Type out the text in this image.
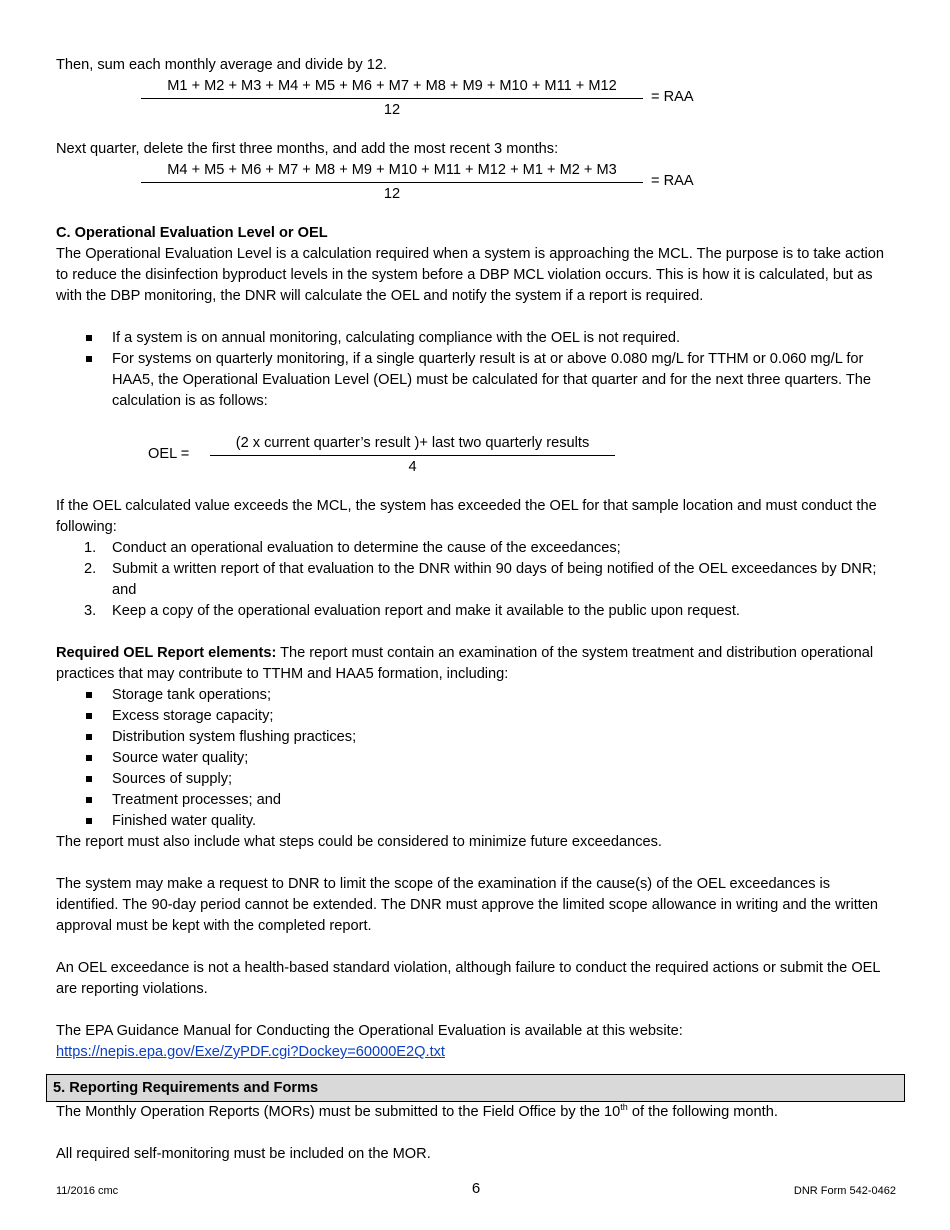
Then, sum each monthly average and divide by 12.

$\frac{M1 + M2 + M3 + M4 + M5 + M6 + M7 + M8 + M9 + M10 + M11 + M12}{12}$ = RAA

Next quarter, delete the first three months, and add the most recent 3 months:

$\frac{M4 + M5 + M6 + M7 + M8 + M9 + M10 + M11 + M12 + M1 + M2 + M3}{12}$ = RAA

C. Operational Evaluation Level or OEL

The Operational Evaluation Level is a calculation required when a system is approaching the MCL. The purpose is to take action to reduce the disinfection byproduct levels in the system before a DBP MCL violation occurs. This is how it is calculated, but as with the DBP monitoring, the DNR will calculate the OEL and notify the system if a report is required.

If a system is on annual monitoring, calculating compliance with the OEL is not required.
For systems on quarterly monitoring, if a single quarterly result is at or above 0.080 mg/L for TTHM or 0.060 mg/L for HAA5, the Operational Evaluation Level (OEL) must be calculated for that quarter and for the next three quarters. The calculation is as follows:
OEL =
(2 x current quarter’s result )+ last two quarterly results
4

If the OEL calculated value exceeds the MCL, the system has exceeded the OEL for that sample location and must conduct the following:

1. Conduct an operational evaluation to determine the cause of the exceedances;
2. Submit a written report of that evaluation to the DNR within 90 days of being notified of the OEL exceedances by DNR; and
3. Keep a copy of the operational evaluation report and make it available to the public upon request.

Required OEL Report elements: The report must contain an examination of the system treatment and distribution operational practices that may contribute to TTHM and HAA5 formation, including:

Storage tank operations;
Excess storage capacity;
Distribution system flushing practices;
Source water quality;
Sources of supply;
Treatment processes; and
Finished water quality.

The report must also include what steps could be considered to minimize future exceedances.

The system may make a request to DNR to limit the scope of the examination if the cause(s) of the OEL exceedances is identified. The 90-day period cannot be extended. The DNR must approve the limited scope allowance in writing and the written approval must be kept with the completed report.

An OEL exceedance is not a health-based standard violation, although failure to conduct the required actions or submit the OEL are reporting violations.

The EPA Guidance Manual for Conducting the Operational Evaluation is available at this website:

https://nepis.epa.gov/Exe/ZyPDF.cgi?Dockey=60000E2Q.txt

5. Reporting Requirements and Forms

The Monthly Operation Reports (MORs) must be submitted to the Field Office by the 10th of the following month.

All required self-monitoring must be included on the MOR.

11/2016 cmc	6	DNR Form 542-0462
